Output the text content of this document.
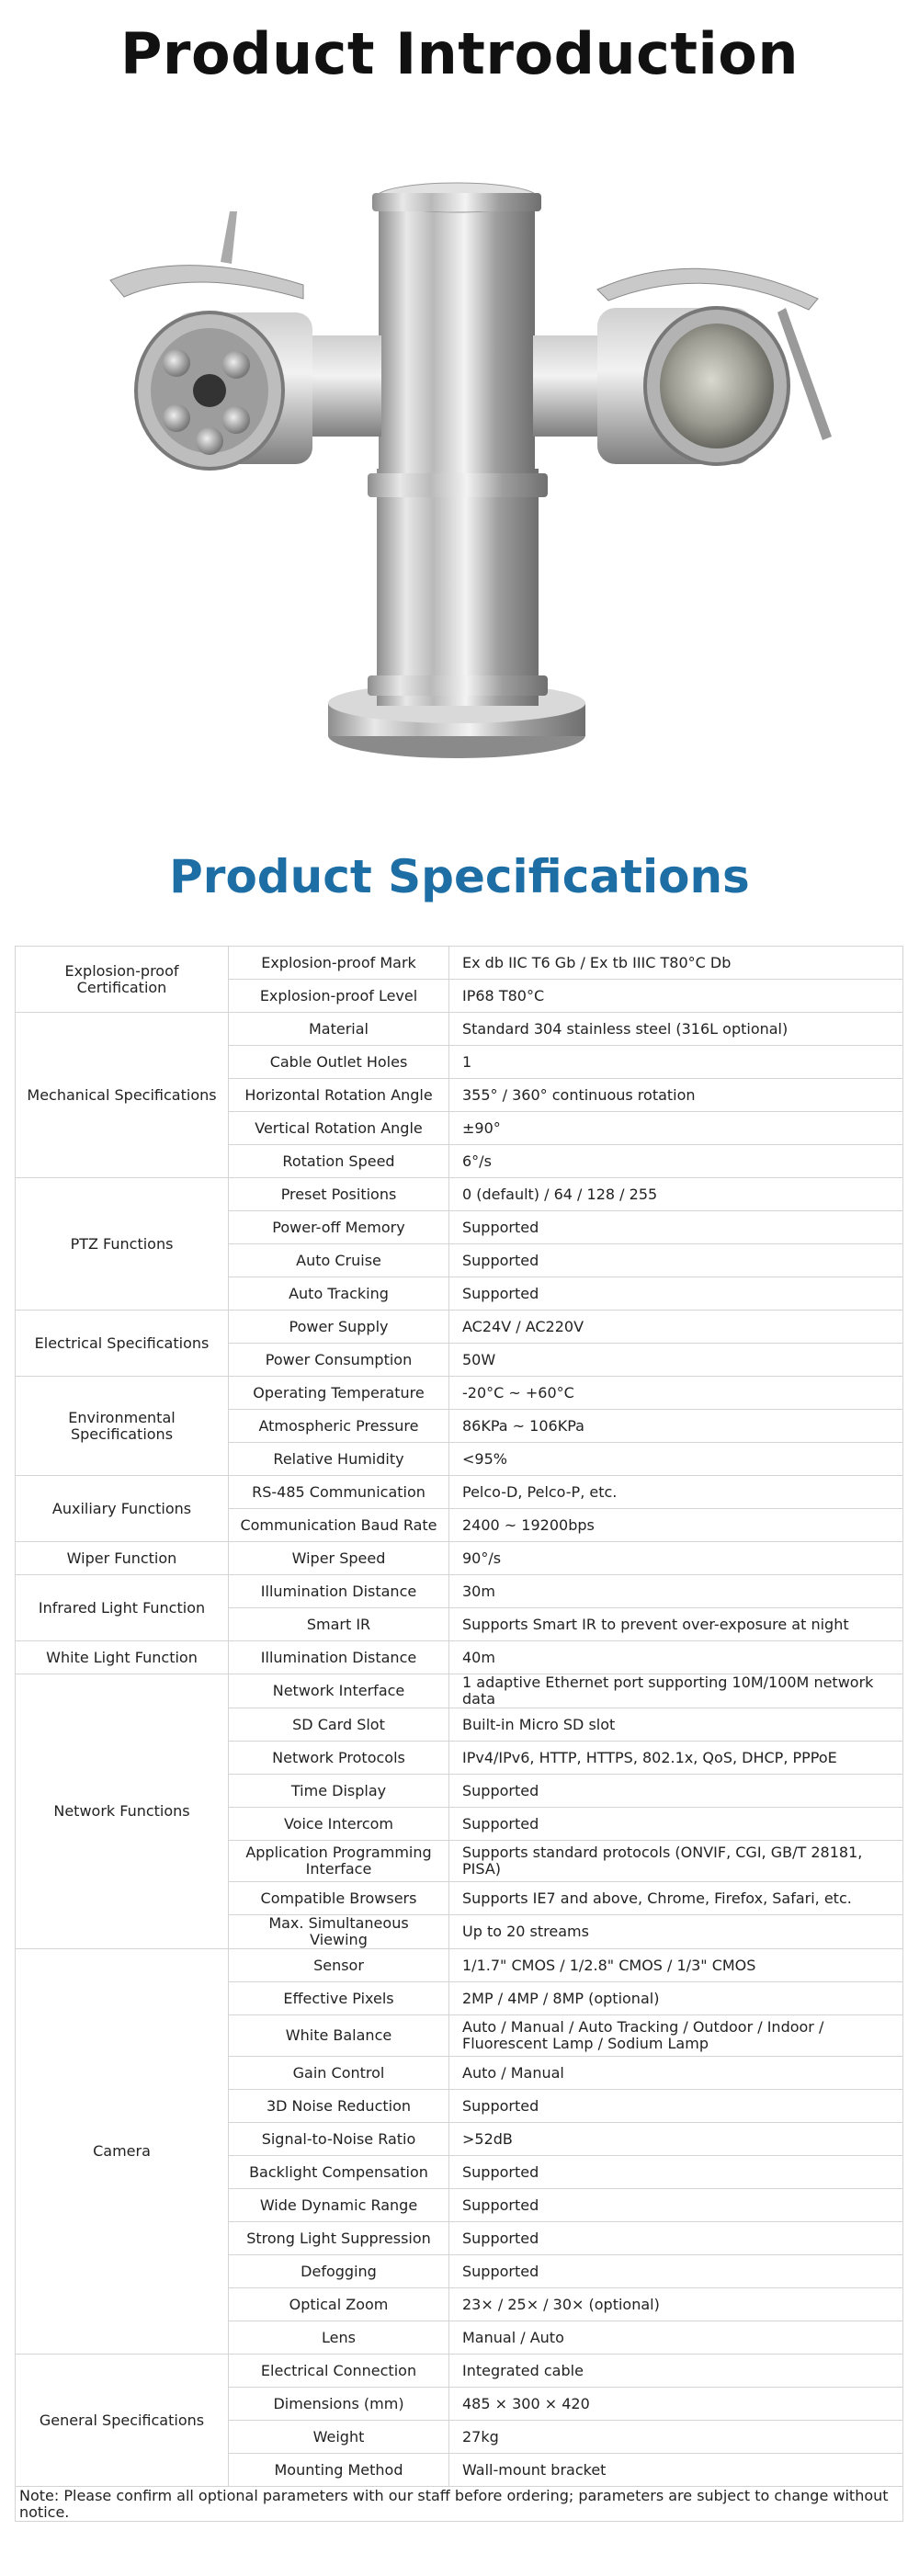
Product Introduction
Product Specifications
Explosion-proof Certification	Explosion-proof Mark	Ex db IIC T6 Gb / Ex tb IIIC T80°C Db
	Explosion-proof Level	IP68 T80°C
Mechanical Specifications	Material	Standard 304 stainless steel (316L optional)
	Cable Outlet Holes	1
	Horizontal Rotation Angle	355° / 360° continuous rotation
	Vertical Rotation Angle	±90°
	Rotation Speed	6°/s
PTZ Functions	Preset Positions	0 (default) / 64 / 128 / 255
	Power-off Memory	Supported
	Auto Cruise	Supported
	Auto Tracking	Supported
Electrical Specifications	Power Supply	AC24V / AC220V
	Power Consumption	50W
Environmental Specifications	Operating Temperature	-20°C ~ +60°C
	Atmospheric Pressure	86KPa ~ 106KPa
	Relative Humidity	<95%
Auxiliary Functions	RS-485 Communication	Pelco-D, Pelco-P, etc.
	Communication Baud Rate	2400 ~ 19200bps
Wiper Function	Wiper Speed	90°/s
Infrared Light Function	Illumination Distance	30m
	Smart IR	Supports Smart IR to prevent over-exposure at night
White Light Function	Illumination Distance	40m
Network Functions	Network Interface	1 adaptive Ethernet port supporting 10M/100M network data
	SD Card Slot	Built-in Micro SD slot
	Network Protocols	IPv4/IPv6, HTTP, HTTPS, 802.1x, QoS, DHCP, PPPoE
	Time Display	Supported
	Voice Intercom	Supported
	Application Programming Interface	Supports standard protocols (ONVIF, CGI, GB/T 28181, PISA)
	Compatible Browsers	Supports IE7 and above, Chrome, Firefox, Safari, etc.
	Max. Simultaneous Viewing	Up to 20 streams
Camera	Sensor	1/1.7" CMOS / 1/2.8" CMOS / 1/3" CMOS
	Effective Pixels	2MP / 4MP / 8MP (optional)
	White Balance	Auto / Manual / Auto Tracking / Outdoor / Indoor / Fluorescent Lamp / Sodium Lamp
	Gain Control	Auto / Manual
	3D Noise Reduction	Supported
	Signal-to-Noise Ratio	>52dB
	Backlight Compensation	Supported
	Wide Dynamic Range	Supported
	Strong Light Suppression	Supported
	Defogging	Supported
	Optical Zoom	23× / 25× / 30× (optional)
	Lens	Manual / Auto
General Specifications	Electrical Connection	Integrated cable
	Dimensions (mm)	485 × 300 × 420
	Weight	27kg
	Mounting Method	Wall-mount bracket
Note: Please confirm all optional parameters with our staff before ordering; parameters are subject to change without notice.		
